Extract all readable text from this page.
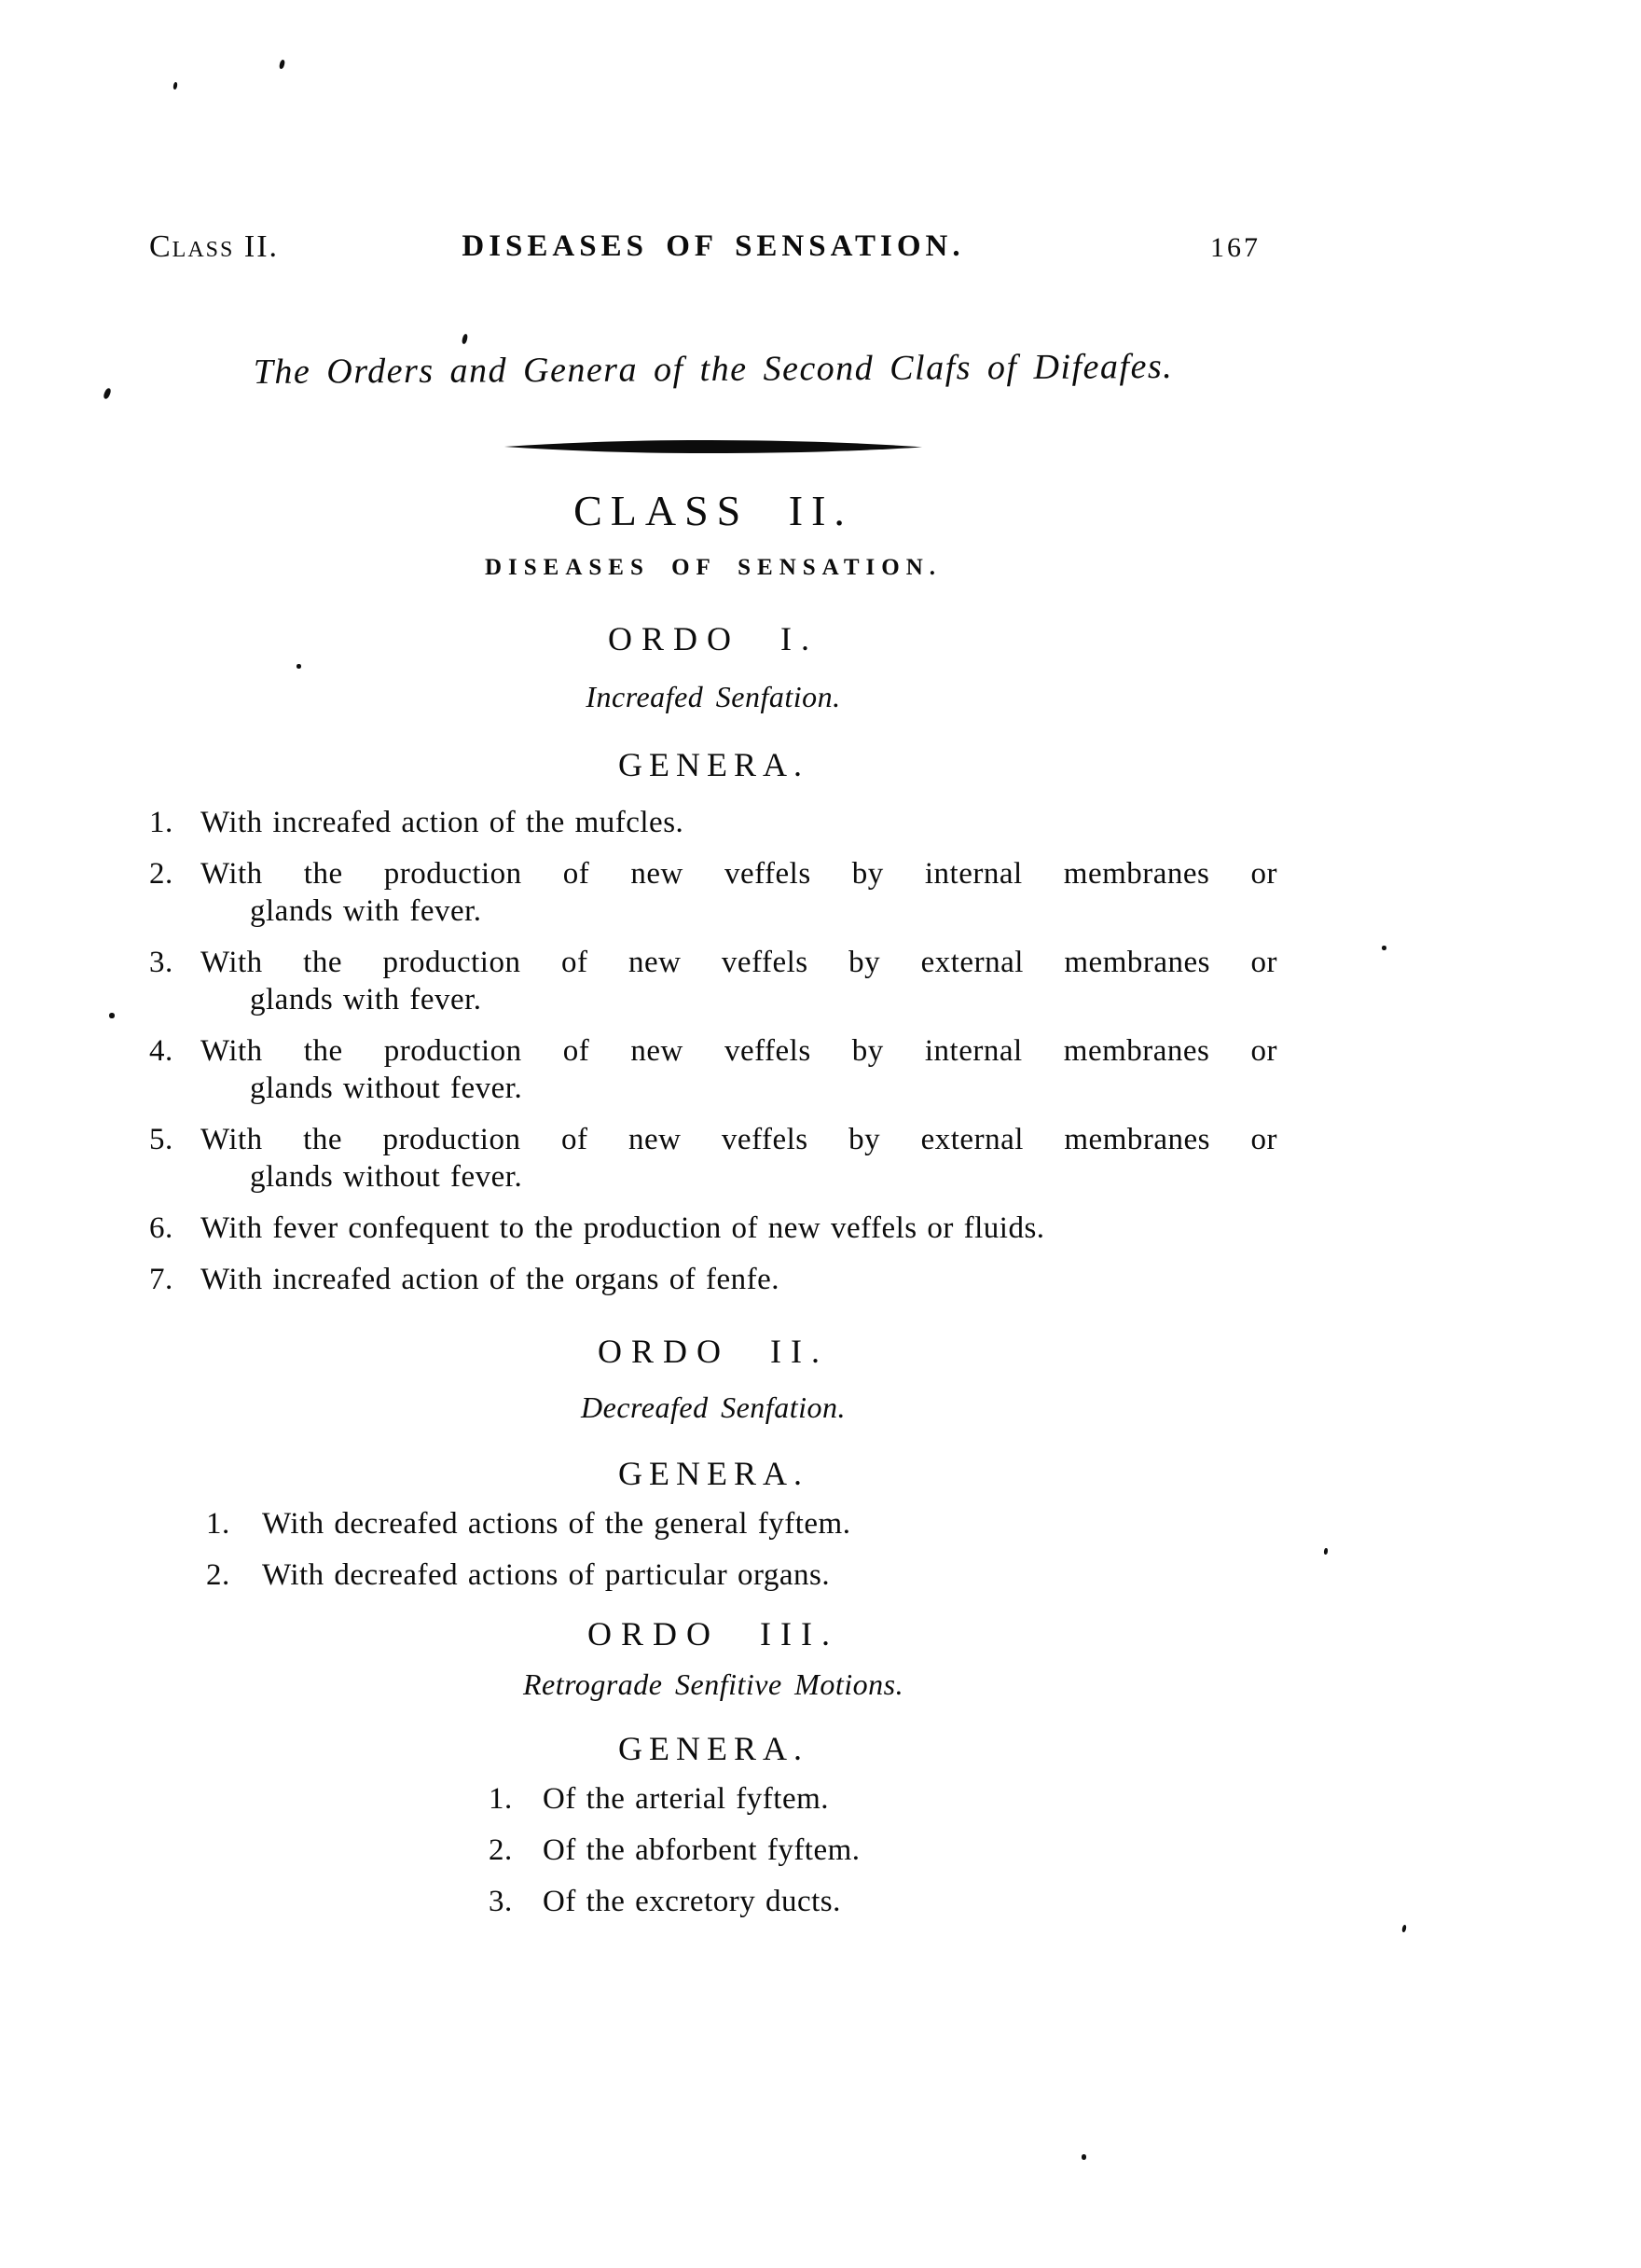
Class II.	DISEASES OF SENSATION.	167
The Orders and Genera of the Second Clafs of Difeafes.
CLASS II.
DISEASES OF SENSATION.
ORDO I.
Increafed Senfation.
GENERA.
1. With increafed action of the mufcles.
2. With the production of new veffels by internal membranes or
glands with fever.
3. With the production of new veffels by external membranes or
glands with fever.
4. With the production of new veffels by internal membranes or
glands without fever.
5. With the production of new veffels by external membranes or
glands without fever.
6. With fever confequent to the production of new veffels or fluids.
7. With increafed action of the organs of fenfe.
ORDO II.
Decreafed Senfation.
GENERA.
1. With decreafed actions of the general fyftem.
2. With decreafed actions of particular organs.
ORDO III.
Retrograde Senfitive Motions.
GENERA.
1. Of the arterial fyftem.
2. Of the abforbent fyftem.
3. Of the excretory ducts.
